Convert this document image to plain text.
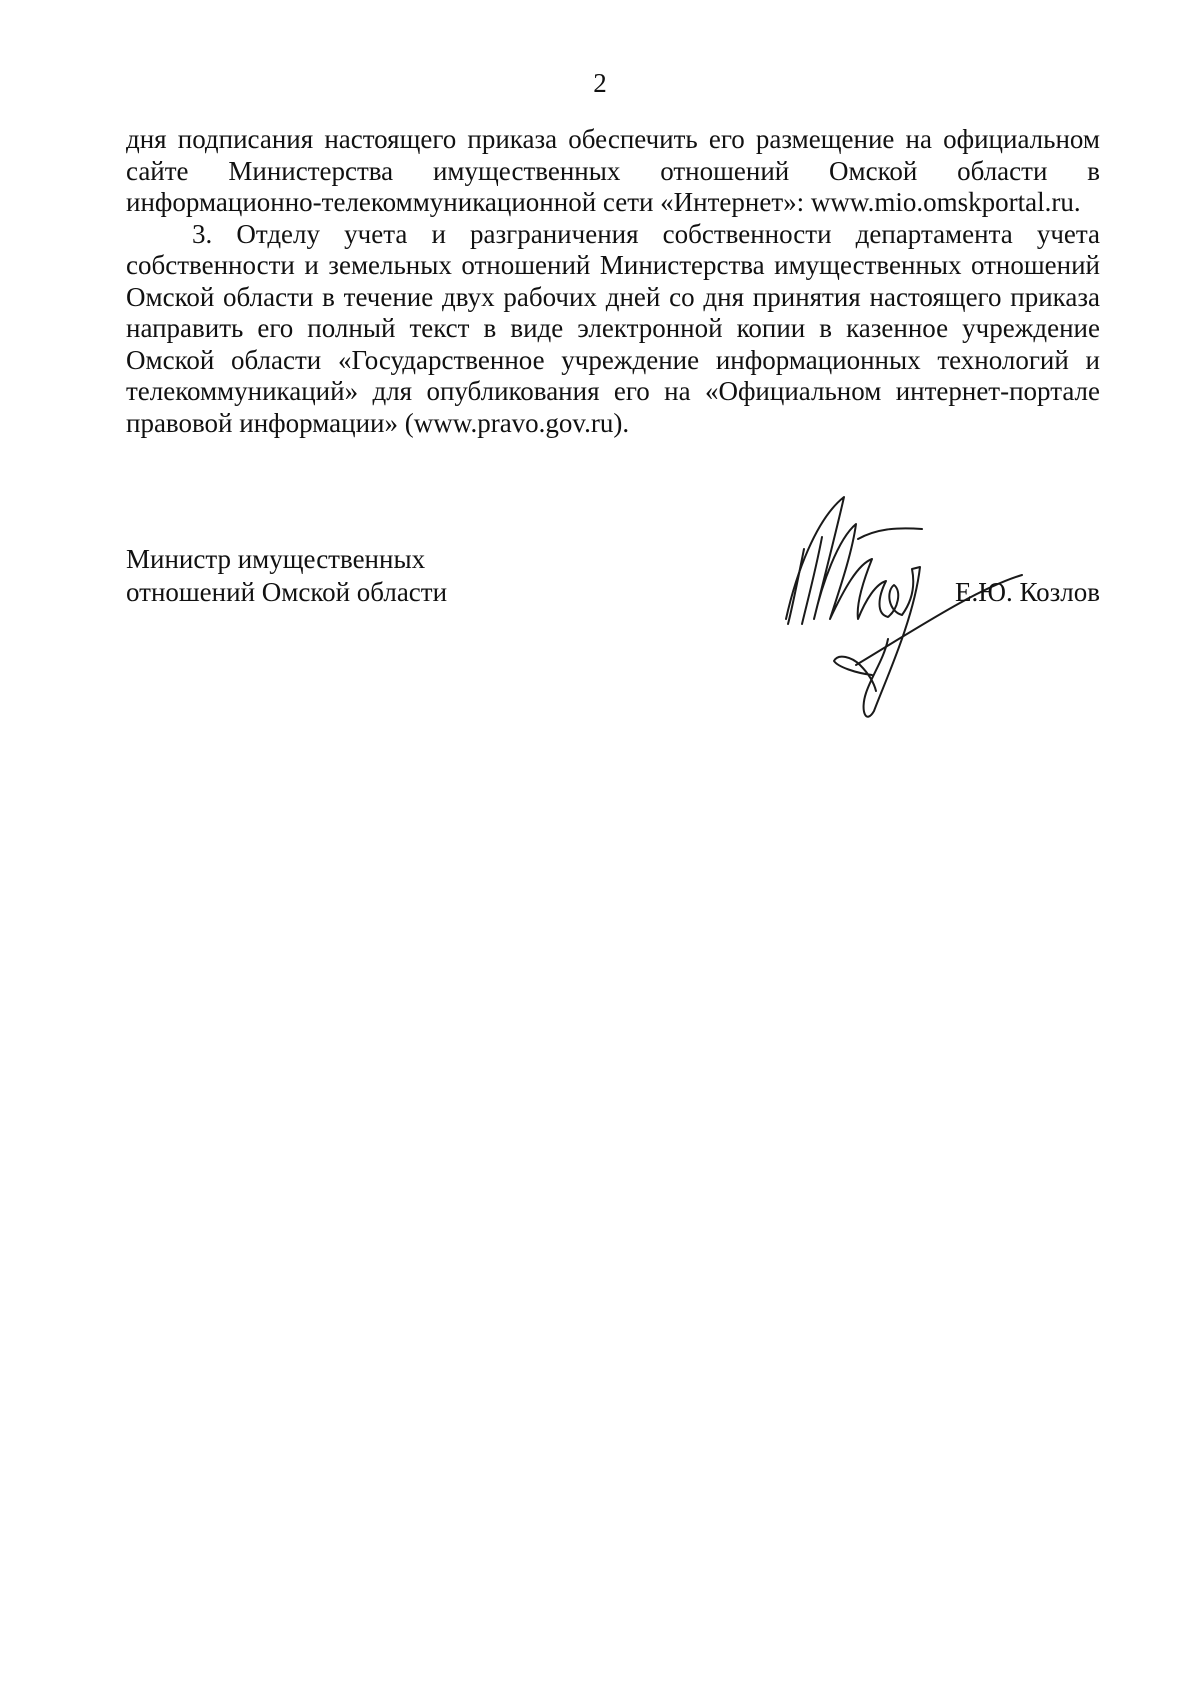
2

дня подписания настоящего приказа обеспечить его размещение на официальном сайте Министерства имущественных отношений Омской области в информационно-телекоммуникационной сети «Интернет»: www.mio.omskportal.ru.

3. Отделу учета и разграничения собственности департамента учета собственности и земельных отношений Министерства имущественных отношений Омской области в течение двух рабочих дней со дня принятия настоящего приказа направить его полный текст в виде электронной копии в казенное учреждение Омской области «Государственное учреждение информационных технологий и телекоммуникаций» для опубликования его на «Официальном интернет-портале правовой информации» (www.pravo.gov.ru).

Министр имущественных
отношений Омской области	Е.Ю. Козлов
